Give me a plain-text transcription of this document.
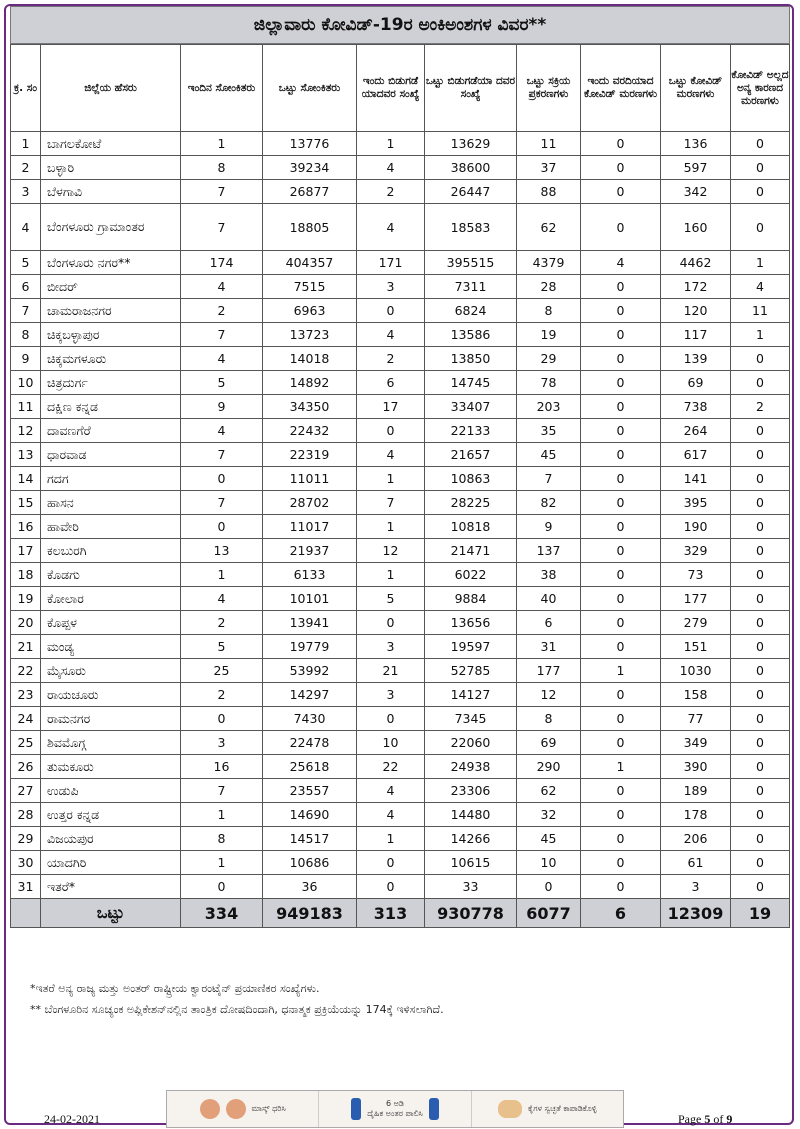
ಜಿಲ್ಲಾವಾರು ಕೋವಿಡ್-19ರ ಅಂಕಿಅಂಶಗಳ ವಿವರ**
ಕ್ರ. ಸಂ	ಜಿಲ್ಲೆಯ ಹೆಸರು	ಇಂದಿನ ಸೋಂಕಿತರು	ಒಟ್ಟು ಸೋಂಕಿತರು	ಇಂದು ಬಿಡುಗಡೆ ಯಾದವರ ಸಂಖ್ಯೆ	ಒಟ್ಟು ಬಿಡುಗಡೆಯಾ ದವರ ಸಂಖ್ಯೆ	ಒಟ್ಟು ಸಕ್ರಿಯ ಪ್ರಕರಣಗಳು	ಇಂದು ವರದಿಯಾದ ಕೋವಿಡ್ ಮರಣಗಳು	ಒಟ್ಟು ಕೋವಿಡ್ ಮರಣಗಳು	ಕೋವಿಡ್ ಅಲ್ಲದ ಅನ್ಯ ಕಾರಣದ ಮರಣಗಳು
1	ಬಾಗಲಕೋಟೆ	1	13776	1	13629	11	0	136	0
2	ಬಳ್ಳಾರಿ	8	39234	4	38600	37	0	597	0
3	ಬೆಳಗಾವಿ	7	26877	2	26447	88	0	342	0
4	ಬೆಂಗಳೂರು ಗ್ರಾಮಾಂತರ	7	18805	4	18583	62	0	160	0
5	ಬೆಂಗಳೂರು ನಗರ**	174	404357	171	395515	4379	4	4462	1
6	ಬೀದರ್	4	7515	3	7311	28	0	172	4
7	ಚಾಮರಾಜನಗರ	2	6963	0	6824	8	0	120	11
8	ಚಿಕ್ಕಬಳ್ಳಾಪುರ	7	13723	4	13586	19	0	117	1
9	ಚಿಕ್ಕಮಗಳೂರು	4	14018	2	13850	29	0	139	0
10	ಚಿತ್ರದುರ್ಗ	5	14892	6	14745	78	0	69	0
11	ದಕ್ಷಿಣ ಕನ್ನಡ	9	34350	17	33407	203	0	738	2
12	ದಾವಣಗೆರೆ	4	22432	0	22133	35	0	264	0
13	ಧಾರವಾಡ	7	22319	4	21657	45	0	617	0
14	ಗದಗ	0	11011	1	10863	7	0	141	0
15	ಹಾಸನ	7	28702	7	28225	82	0	395	0
16	ಹಾವೇರಿ	0	11017	1	10818	9	0	190	0
17	ಕಲಬುರಗಿ	13	21937	12	21471	137	0	329	0
18	ಕೊಡಗು	1	6133	1	6022	38	0	73	0
19	ಕೋಲಾರ	4	10101	5	9884	40	0	177	0
20	ಕೊಪ್ಪಳ	2	13941	0	13656	6	0	279	0
21	ಮಂಡ್ಯ	5	19779	3	19597	31	0	151	0
22	ಮೈಸೂರು	25	53992	21	52785	177	1	1030	0
23	ರಾಯಚೂರು	2	14297	3	14127	12	0	158	0
24	ರಾಮನಗರ	0	7430	0	7345	8	0	77	0
25	ಶಿವಮೊಗ್ಗ	3	22478	10	22060	69	0	349	0
26	ತುಮಕೂರು	16	25618	22	24938	290	1	390	0
27	ಉಡುಪಿ	7	23557	4	23306	62	0	189	0
28	ಉತ್ತರ ಕನ್ನಡ	1	14690	4	14480	32	0	178	0
29	ವಿಜಯಪುರ	8	14517	1	14266	45	0	206	0
30	ಯಾದಗಿರಿ	1	10686	0	10615	10	0	61	0
31	ಇತರೆ*	0	36	0	33	0	0	3	0
	ಒಟ್ಟು	334	949183	313	930778	6077	6	12309	19
*ಇತರೆ ಅನ್ಯ ರಾಜ್ಯ ಮತ್ತು ಅಂತರ್ ರಾಷ್ಟ್ರೀಯ ಕ್ವಾರಂಟೈನ್ ಪ್ರಯಾಣಿಕರ ಸಂಖ್ಯೆಗಳು.
** ಬೆಂಗಳೂರಿನ ಸೂಚ್ಯಂಕ ಅಪ್ಲಿಕೇಶನ್‌ನಲ್ಲಿನ ತಾಂತ್ರಿಕ ದೋಷದಿಂದಾಗಿ, ಧನಾತ್ಮಕ ಪ್ರಕ್ರಿಯೆಯನ್ನು 174ಕ್ಕೆ ಇಳಿಸಲಾಗಿದೆ.
ಮಾಸ್ಕ್ ಧರಿಸಿ
6 ಅಡಿ
ದೈಹಿಕ ಅಂತರ ಪಾಲಿಸಿ
ಕೈಗಳ ಸ್ವಚ್ಛತೆ ಕಾಪಾಡಿಕೊಳ್ಳಿ
24-02-2021	Page 5 of 9
